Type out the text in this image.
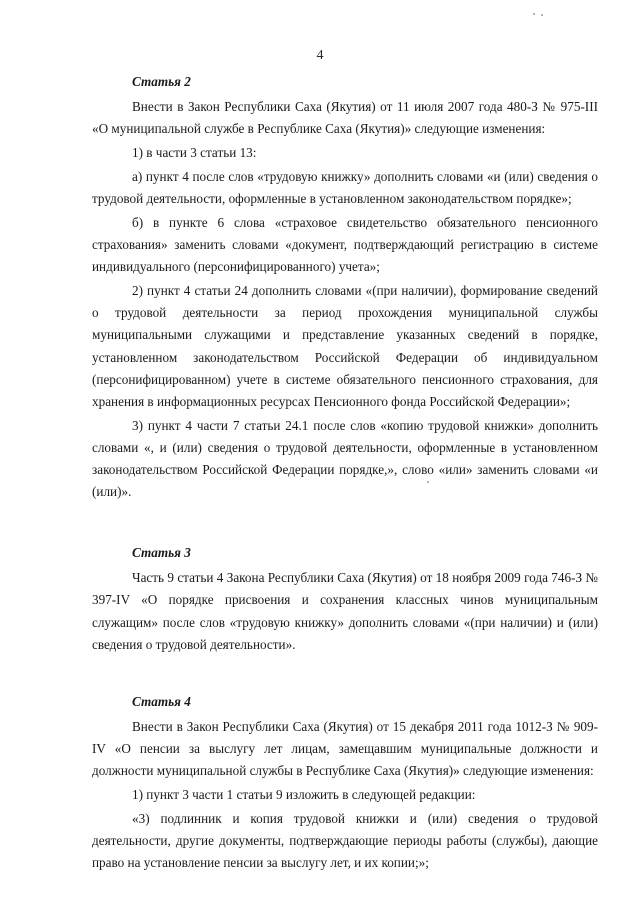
4

Статья 2

Внести в Закон Республики Саха (Якутия) от 11 июля 2007 года 480-З № 975-III «О муниципальной службе в Республике Саха (Якутия)» следующие изменения:

1) в части 3 статьи 13:

а) пункт 4 после слов «трудовую книжку» дополнить словами «и (или) сведения о трудовой деятельности, оформленные в установленном законодательством порядке»;

б) в пункте 6 слова «страховое свидетельство обязательного пенсионного страхования» заменить словами «документ, подтверждающий регистрацию в системе индивидуального (персонифицированного) учета»;

2) пункт 4 статьи 24 дополнить словами «(при наличии), формирование сведений о трудовой деятельности за период прохождения муниципальной службы муниципальными служащими и представление указанных сведений в порядке, установленном законодательством Российской Федерации об индивидуальном (персонифицированном) учете в системе обязательного пенсионного страхования, для хранения в информационных ресурсах Пенсионного фонда Российской Федерации»;

3) пункт 4 части 7 статьи 24.1 после слов «копию трудовой книжки» дополнить словами «, и (или) сведения о трудовой деятельности, оформленные в установленном законодательством Российской Федерации порядке,», слово «или» заменить словами «и (или)».

Статья 3

Часть 9 статьи 4 Закона Республики Саха (Якутия) от 18 ноября 2009 года 746-З № 397-IV «О порядке присвоения и сохранения классных чинов муниципальным служащим» после слов «трудовую книжку» дополнить словами «(при наличии) и (или) сведения о трудовой деятельности».

Статья 4

Внести в Закон Республики Саха (Якутия) от 15 декабря 2011 года 1012-З № 909-IV «О пенсии за выслугу лет лицам, замещавшим муниципальные должности и должности муниципальной службы в Республике Саха (Якутия)» следующие изменения:

1) пункт 3 части 1 статьи 9 изложить в следующей редакции:

«3) подлинник и копия трудовой книжки и (или) сведения о трудовой деятельности, другие документы, подтверждающие периоды работы (службы), дающие право на установление пенсии за выслугу лет, и их копии;»;
